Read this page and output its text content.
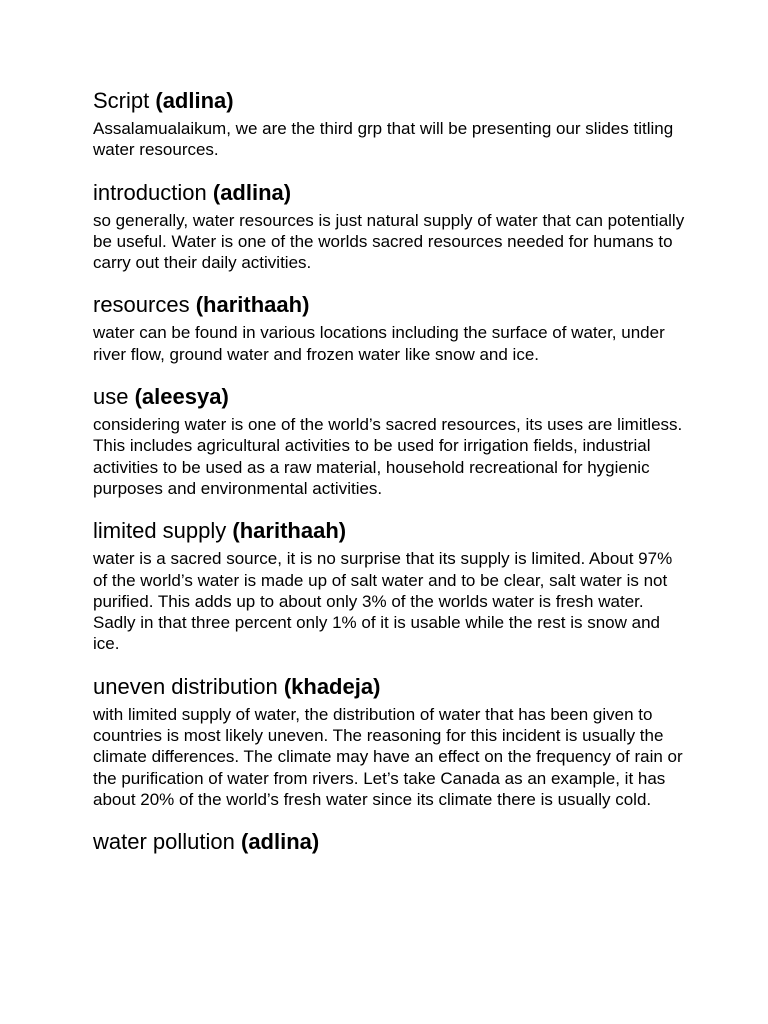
Script (adlina)

Assalamualaikum, we are the third grp that will be presenting our slides titling water resources.

introduction (adlina)

so generally, water resources is just natural supply of water that can potentially be useful. Water is one of the worlds sacred resources needed for humans to carry out their daily activities.

resources (harithaah)

water can be found in various locations including the surface of water, under river flow, ground water and frozen water like snow and ice.

use (aleesya)

considering water is one of the world’s sacred resources, its uses are limitless. This includes agricultural activities to be used for irrigation fields, industrial activities to be used as a raw material, household recreational for hygienic purposes and environmental activities.

limited supply (harithaah)

water is a sacred source, it is no surprise that its supply is limited. About 97% of the world’s water is made up of salt water and to be clear, salt water is not purified. This adds up to about only 3% of the worlds water is fresh water. Sadly in that three percent only 1% of it is usable while the rest is snow and ice.

uneven distribution (khadeja)

with limited supply of water, the distribution of water that has been given to countries is most likely uneven. The reasoning for this incident is usually the climate differences. The climate may have an effect on the frequency of rain or the purification of water from rivers. Let’s take Canada as an example, it has about 20% of the world’s fresh water since its climate there is usually cold.

water pollution (adlina)
